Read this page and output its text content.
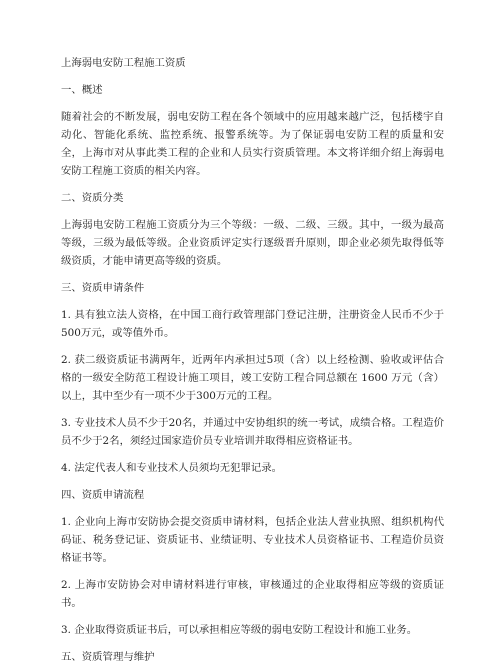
上海弱电安防工程施工资质
一、概述
随着社会的不断发展，弱电安防工程在各个领域中的应用越来越广泛，包括楼宇自动化、智能化系统、监控系统、报警系统等。为了保证弱电安防工程的质量和安全，上海市对从事此类工程的企业和人员实行资质管理。本文将详细介绍上海弱电安防工程施工资质的相关内容。
二、资质分类
上海弱电安防工程施工资质分为三个等级：一级、二级、三级。其中，一级为最高等级，三级为最低等级。企业资质评定实行逐级晋升原则，即企业必须先取得低等级资质，才能申请更高等级的资质。
三、资质申请条件
1. 具有独立法人资格，在中国工商行政管理部门登记注册，注册资金人民币不少于500万元，或等值外币。
2. 获二级资质证书满两年，近两年内承担过5项（含）以上经检测、验收或评估合格的一级安全防范工程设计施工项目，竣工安防工程合同总额在 1600 万元（含）以上，其中至少有一项不少于300万元的工程。
3. 专业技术人员不少于20名，并通过中安协组织的统一考试，成绩合格。工程造价员不少于2名，须经过国家造价员专业培训并取得相应资格证书。
4. 法定代表人和专业技术人员须均无犯罪记录。
四、资质申请流程
1. 企业向上海市安防协会提交资质申请材料，包括企业法人营业执照、组织机构代码证、税务登记证、资质证书、业绩证明、专业技术人员资格证书、工程造价员资格证书等。
2. 上海市安防协会对申请材料进行审核，审核通过的企业取得相应等级的资质证书。
3. 企业取得资质证书后，可以承担相应等级的弱电安防工程设计和施工业务。
五、资质管理与维护
